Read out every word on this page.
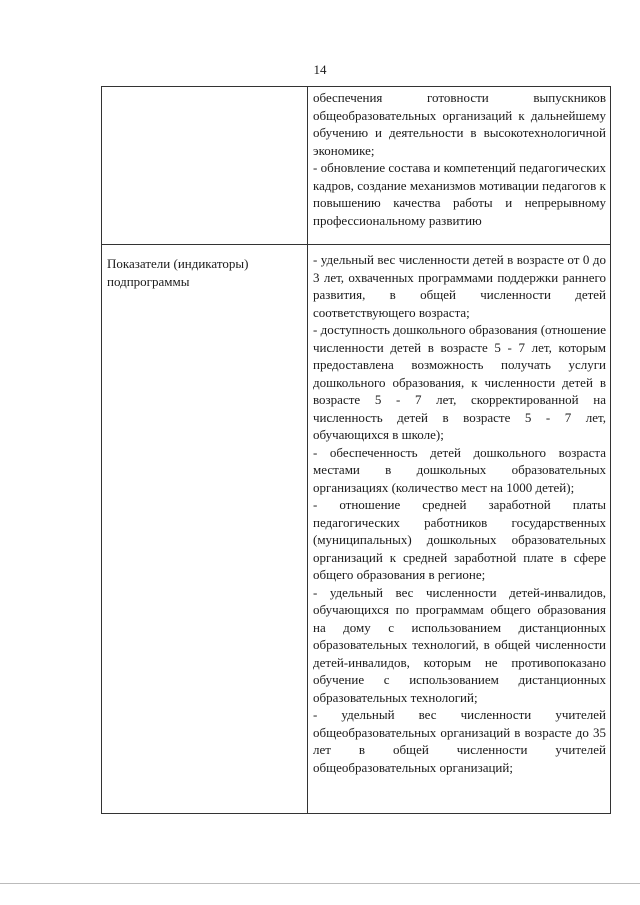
14

обеспечения готовности выпускников общеобразовательных организаций к дальнейшему обучению и деятельности в высокотехнологичной экономике;

- обновление состава и компетенций педагогических кадров, создание механизмов мотивации педагогов к повышению качества работы и непрерывному профессиональному развитию

Показатели (индикаторы) подпрограммы

- удельный вес численности детей в возрасте от 0 до 3 лет, охваченных программами поддержки раннего развития, в общей численности детей соответствующего возраста;

- доступность дошкольного образования (отношение численности детей в возрасте 5 - 7 лет, которым предоставлена возможность получать услуги дошкольного образования, к численности детей в возрасте 5 - 7 лет, скорректированной на численность детей в возрасте 5 - 7 лет, обучающихся в школе);

- обеспеченность детей дошкольного возраста местами в дошкольных образовательных организациях (количество мест на 1000 детей);

- отношение средней заработной платы педагогических работников государственных (муниципальных) дошкольных образовательных организаций к средней заработной плате в сфере общего образования в регионе;

- удельный вес численности детей-инвалидов, обучающихся по программам общего образования на дому с использованием дистанционных образовательных технологий, в общей численности детей-инвалидов, которым не противопоказано обучение с использованием дистанционных образовательных технологий;

- удельный вес численности учителей общеобразовательных организаций в возрасте до 35 лет в общей численности учителей общеобразовательных организаций;
